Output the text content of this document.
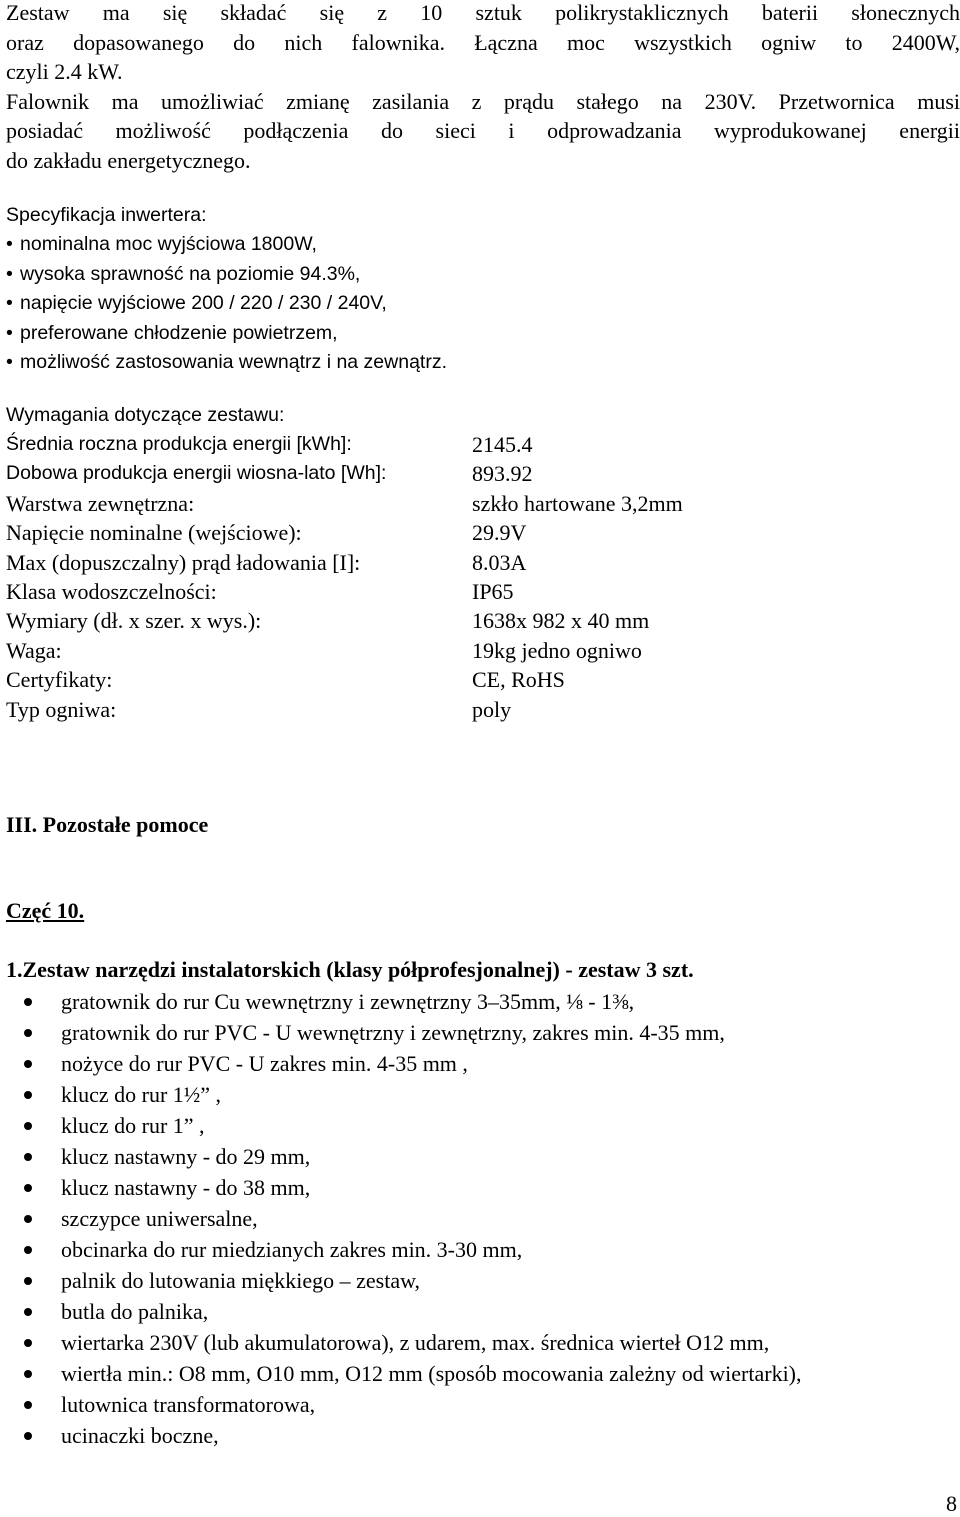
Zestaw ma się składać się z 10 sztuk polikrystaklicznych baterii słonecznych
oraz dopasowanego do nich falownika. Łączna moc wszystkich ogniw to 2400W,
czyli 2.4 kW.
Falownik ma umożliwiać zmianę zasilania z prądu stałego na 230V. Przetwornica musi
posiadać możliwość podłączenia do sieci i odprowadzania wyprodukowanej energii
do zakładu energetycznego.
Specyfikacja inwertera:
• nominalna moc wyjściowa 1800W,
• wysoka sprawność na poziomie 94.3%,
• napięcie wyjściowe 200 / 220 / 230 / 240V,
• preferowane chłodzenie powietrzem,
• możliwość zastosowania wewnątrz i na zewnątrz.
Wymagania dotyczące zestawu:
Średnia roczna produkcja energii [kWh]:	2145.4
Dobowa produkcja energii wiosna-lato [Wh]:	893.92
Warstwa zewnętrzna:	szkło hartowane 3,2mm
Napięcie nominalne (wejściowe):	29.9V
Max (dopuszczalny) prąd ładowania [I]:	8.03A
Klasa wodoszczelności:	IP65
Wymiary (dł. x szer. x wys.):	1638x 982 x 40 mm
Waga:	19kg jedno ogniwo
Certyfikaty:	CE, RoHS
Typ ogniwa:	poly
III. Pozostałe pomoce
Częć 10.
1.Zestaw narzędzi instalatorskich (klasy półprofesjonalnej) - zestaw 3 szt.
gratownik do rur Cu wewnętrzny i zewnętrzny 3–35mm, ⅛ - 1⅜,
gratownik do rur PVC - U wewnętrzny i zewnętrzny, zakres min. 4-35 mm,
nożyce do rur PVC - U zakres min. 4-35 mm ,
klucz do rur 1½” ,
klucz do rur 1” ,
klucz nastawny - do 29 mm,
klucz nastawny - do 38 mm,
szczypce uniwersalne,
obcinarka do rur miedzianych zakres min. 3-30 mm,
palnik do lutowania miękkiego – zestaw,
butla do palnika,
wiertarka 230V (lub akumulatorowa), z udarem, max. średnica wierteł O12 mm,
wiertła min.: O8 mm, O10 mm, O12 mm (sposób mocowania zależny od wiertarki),
lutownica transformatorowa,
ucinaczki boczne,
8
